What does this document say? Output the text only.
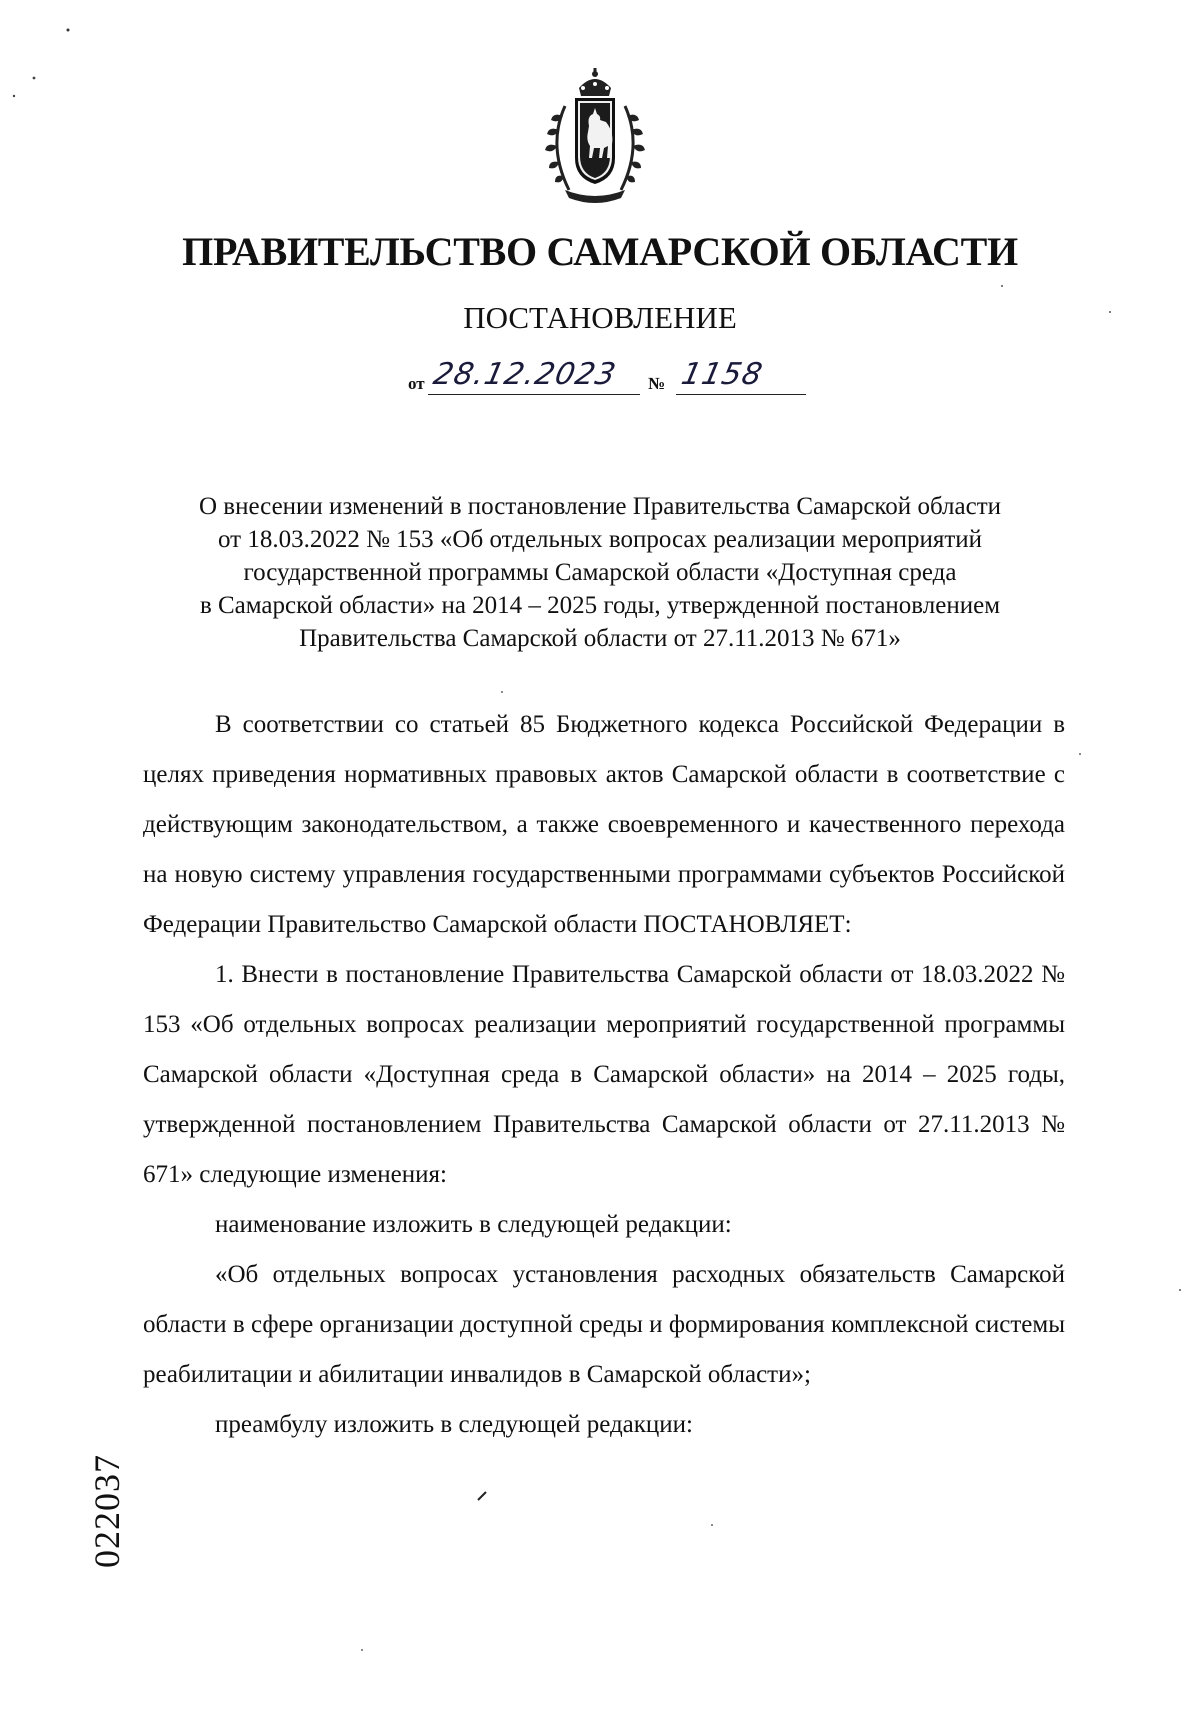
ПРАВИТЕЛЬСТВО САМАРСКОЙ ОБЛАСТИ
ПОСТАНОВЛЕНИЕ
от 28.12.2023 № 1158
О внесении изменений в постановление Правительства Самарской области
от 18.03.2022 № 153 «Об отдельных вопросах реализации мероприятий
государственной программы Самарской области «Доступная среда
в Самарской области» на 2014 – 2025 годы, утвержденной постановлением
Правительства Самарской области от 27.11.2013 № 671»

В соответствии со статьей 85 Бюджетного кодекса Российской Федерации в целях приведения нормативных правовых актов Самарской области в соответствие с действующим законодательством, а также своевременного и качественного перехода на новую систему управления государственными программами субъектов Российской Федерации Правительство Самарской области ПОСТАНОВЛЯЕТ:

1. Внести в постановление Правительства Самарской области от 18.03.2022 № 153 «Об отдельных вопросах реализации мероприятий государственной программы Самарской области «Доступная среда в Самарской области» на 2014 – 2025 годы, утвержденной постановлением Правительства Самарской области от 27.11.2013 № 671» следующие изменения:

наименование изложить в следующей редакции:

«Об отдельных вопросах установления расходных обязательств Самарской области в сфере организации доступной среды и формирования комплексной системы реабилитации и абилитации инвалидов в Самарской области»;

преамбулу изложить в следующей редакции:

022037
